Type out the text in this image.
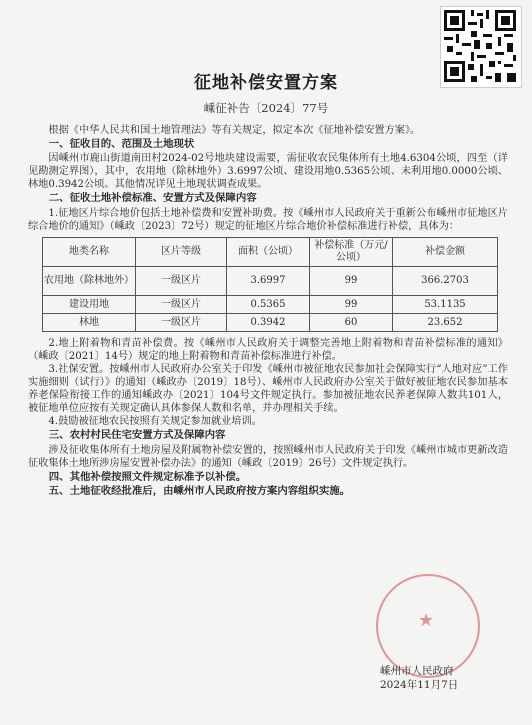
征地补偿安置方案
嵊征补告〔2024〕77号

根据《中华人民共和国土地管理法》等有关规定，拟定本次《征地补偿安置方案》。

一、征收目的、范围及土地现状

因嵊州市鹿山街道南田村2024-02号地块建设需要，需征收农民集体所有土地4.6304公顷，四至（详见勘测定界图），其中，农用地（除林地外）3.6997公顷、建设用地0.5365公顷、未利用地0.0000公顷、林地0.3942公顷。其他情况详见土地现状调查成果。

二、征收土地补偿标准、安置方式及保障内容

1.征地区片综合地价包括土地补偿费和安置补助费。按《嵊州市人民政府关于重新公布嵊州市征地区片综合地价的通知》（嵊政〔2023〕72号）规定的征地区片综合地价补偿标准进行补偿，具体为：

地类名称	区片等级	面积（公顷）	补偿标准（万元/公顷）	补偿金额
农用地（除林地外）	一级区片	3.6997	99	366.2703
建设用地	一级区片	0.5365	99	53.1135
林地	一级区片	0.3942	60	23.652

2.地上附着物和青苗补偿费。按《嵊州市人民政府关于调整完善地上附着物和青苗补偿标准的通知》（嵊政〔2021〕14号）规定的地上附着物和青苗补偿标准进行补偿。

3.社保安置。按嵊州市人民政府办公室关于印发《嵊州市被征地农民参加社会保障实行“人地对应”工作实施细则（试行）》的通知（嵊政办〔2019〕18号）、嵊州市人民政府办公室关于做好被征地农民参加基本养老保险衔接工作的通知嵊政办〔2021〕104号文件规定执行。参加被征地农民养老保障人数共101人，被征地单位应按有关规定确认具体参保人数和名单，并办理相关手续。

4.鼓励被征地农民按照有关规定参加就业培训。

三、农村村民住宅安置方式及保障内容

涉及征收集体所有土地房屋及附属物补偿安置的，按照嵊州市人民政府关于印发《嵊州市城市更新改造征收集体土地所涉房屋安置补偿办法》的通知（嵊政〔2019〕26号）文件规定执行。

四、其他补偿按照文件规定标准予以补偿。
五、土地征收经批准后，由嵊州市人民政府按方案内容组织实施。
★
嵊州市人民政府
2024年11月7日
